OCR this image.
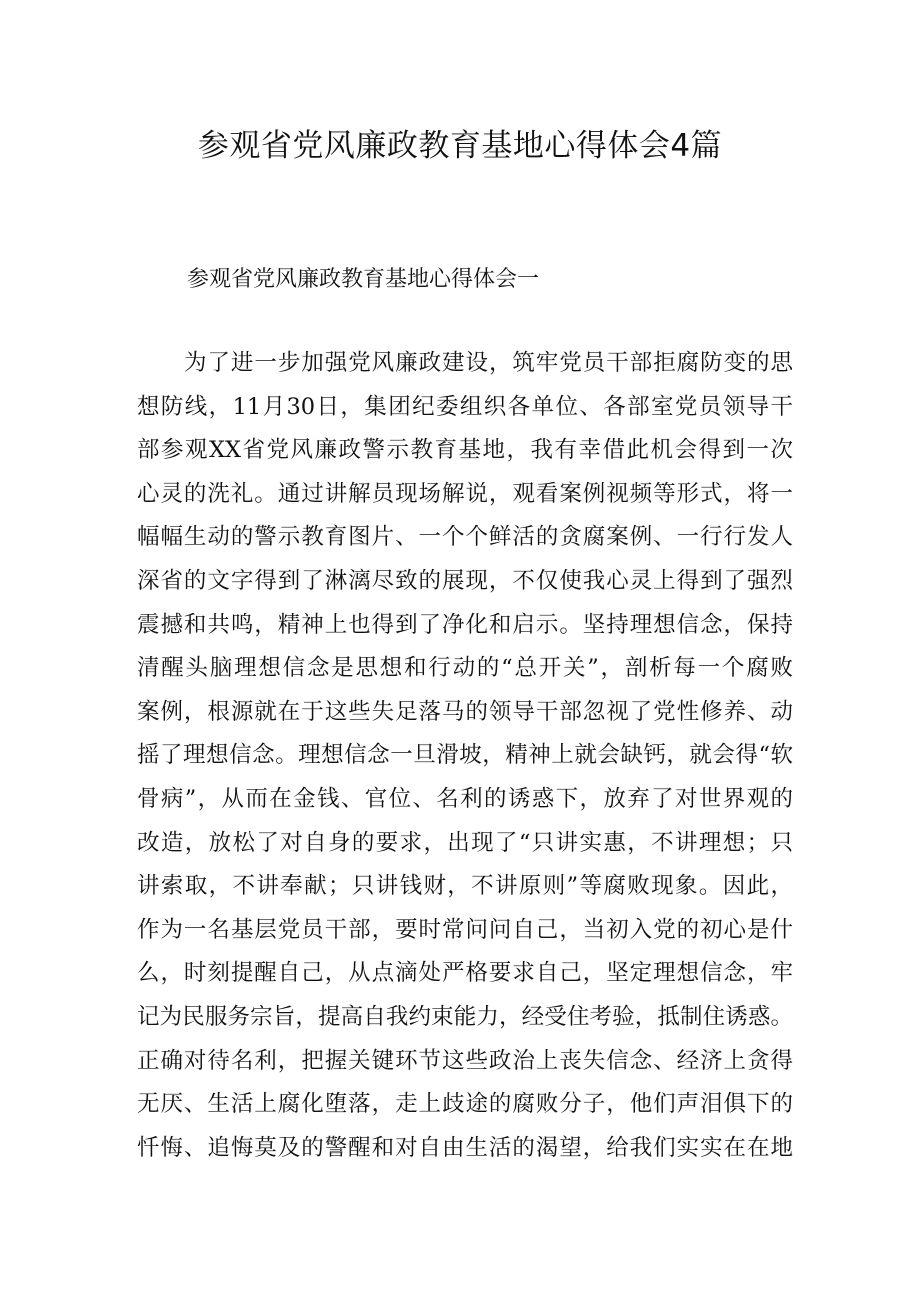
参观省党风廉政教育基地心得体会4篇
参观省党风廉政教育基地心得体会一
为了进一步加强党风廉政建设，筑牢党员干部拒腐防变的思
想防线，11月30日，集团纪委组织各单位、各部室党员领导干
部参观XX省党风廉政警示教育基地，我有幸借此机会得到一次
心灵的洗礼。通过讲解员现场解说，观看案例视频等形式，将一
幅幅生动的警示教育图片、一个个鲜活的贪腐案例、一行行发人
深省的文字得到了淋漓尽致的展现，不仅使我心灵上得到了强烈
震撼和共鸣，精神上也得到了净化和启示。坚持理想信念，保持
清醒头脑理想信念是思想和行动的“总开关”，剖析每一个腐败
案例，根源就在于这些失足落马的领导干部忽视了党性修养、动
摇了理想信念。理想信念一旦滑坡，精神上就会缺钙，就会得“软
骨病”，从而在金钱、官位、名利的诱惑下，放弃了对世界观的
改造，放松了对自身的要求，出现了“只讲实惠，不讲理想；只
讲索取，不讲奉献；只讲钱财，不讲原则”等腐败现象。因此，
作为一名基层党员干部，要时常问问自己，当初入党的初心是什
么，时刻提醒自己，从点滴处严格要求自己，坚定理想信念，牢
记为民服务宗旨，提高自我约束能力，经受住考验，抵制住诱惑。
正确对待名利，把握关键环节这些政治上丧失信念、经济上贪得
无厌、生活上腐化堕落，走上歧途的腐败分子，他们声泪俱下的
忏悔、追悔莫及的警醒和对自由生活的渴望，给我们实实在在地
